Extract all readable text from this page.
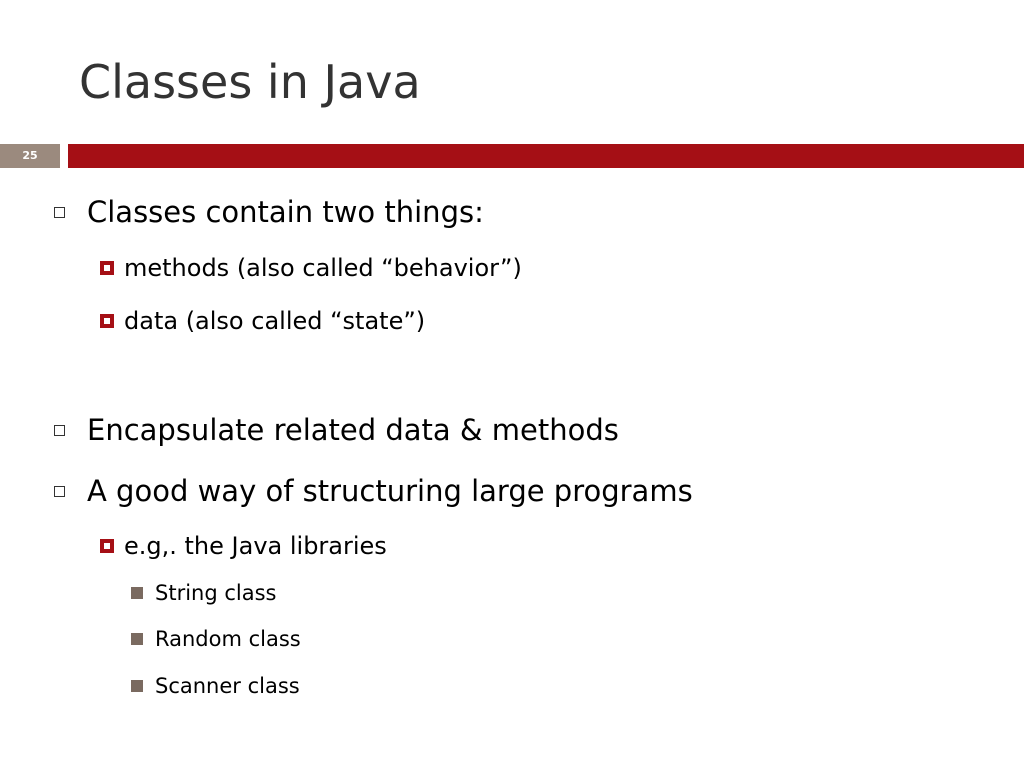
Classes in Java
25
Classes contain two things:
methods (also called “behavior”)
data (also called “state”)
Encapsulate related data & methods
A good way of structuring large programs
e.g,. the Java libraries
String class
Random class
Scanner class
